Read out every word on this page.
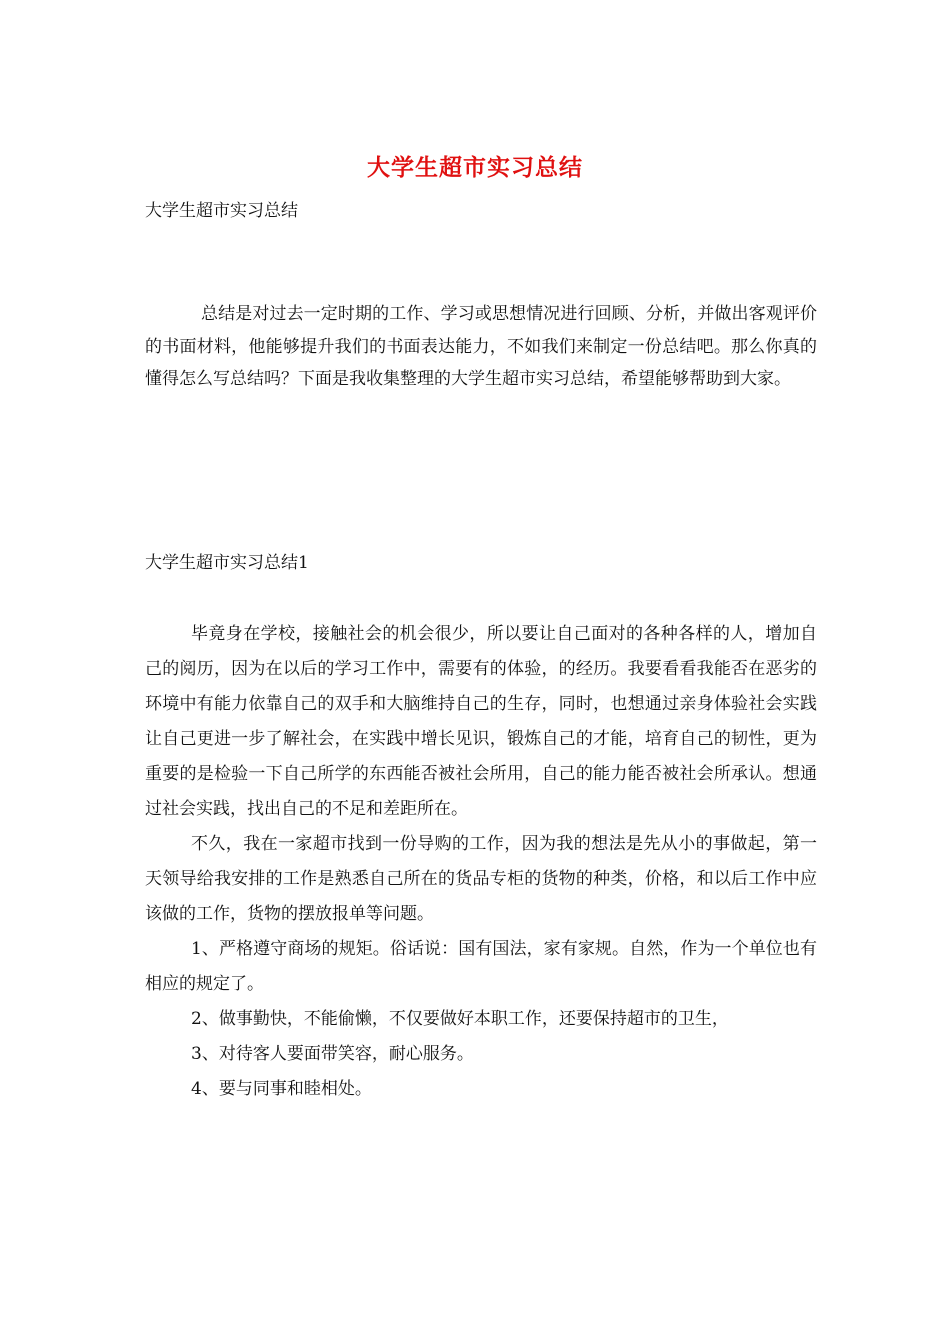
大学生超市实习总结
大学生超市实习总结
总结是对过去一定时期的工作、学习或思想情况进行回顾、分析，并做出客观评价的书面材料，他能够提升我们的书面表达能力，不如我们来制定一份总结吧。那么你真的懂得怎么写总结吗？下面是我收集整理的大学生超市实习总结，希望能够帮助到大家。
大学生超市实习总结1

毕竟身在学校，接触社会的机会很少，所以要让自己面对的各种各样的人，增加自己的阅历，因为在以后的学习工作中，需要有的体验，的经历。我要看看我能否在恶劣的环境中有能力依靠自己的双手和大脑维持自己的生存，同时，也想通过亲身体验社会实践让自己更进一步了解社会，在实践中增长见识，锻炼自己的才能，培育自己的韧性，更为重要的是检验一下自己所学的东西能否被社会所用，自己的能力能否被社会所承认。想通过社会实践，找出自己的不足和差距所在。

不久，我在一家超市找到一份导购的工作，因为我的想法是先从小的事做起，第一天领导给我安排的工作是熟悉自己所在的货品专柜的货物的种类，价格，和以后工作中应该做的工作，货物的摆放报单等问题。

1、严格遵守商场的规矩。俗话说：国有国法，家有家规。自然，作为一个单位也有相应的规定了。

2、做事勤快，不能偷懒，不仅要做好本职工作，还要保持超市的卫生，

3、对待客人要面带笑容，耐心服务。

4、要与同事和睦相处。
